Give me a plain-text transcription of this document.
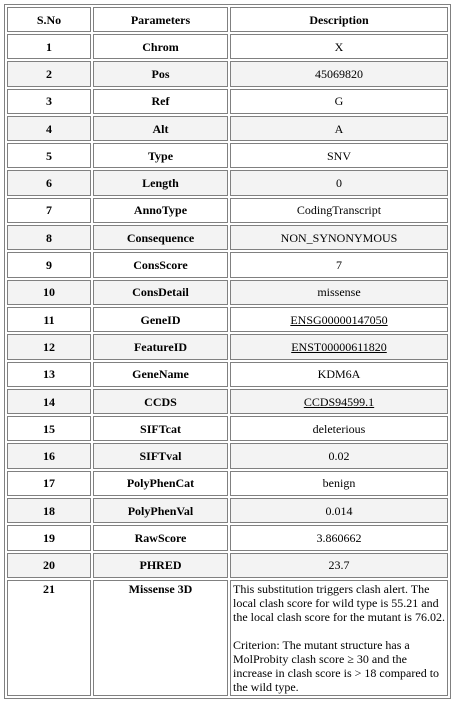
S.No	Parameters	Description
1	Chrom	X
2	Pos	45069820
3	Ref	G
4	Alt	A
5	Type	SNV
6	Length	0
7	AnnoType	CodingTranscript
8	Consequence	NON_SYNONYMOUS
9	ConsScore	7
10	ConsDetail	missense
11	GeneID	ENSG00000147050
12	FeatureID	ENST00000611820
13	GeneName	KDM6A
14	CCDS	CCDS94599.1
15	SIFTcat	deleterious
16	SIFTval	0.02
17	PolyPhenCat	benign
18	PolyPhenVal	0.014
19	RawScore	3.860662
20	PHRED	23.7
21	Missense 3D	This substitution triggers clash alert. The local clash score for wild type is 55.21 and the local clash score for the mutant is 76.02.
Criterion: The mutant structure has a MolProbity clash score ≥ 30 and the increase in clash score is > 18 compared to the wild type.
